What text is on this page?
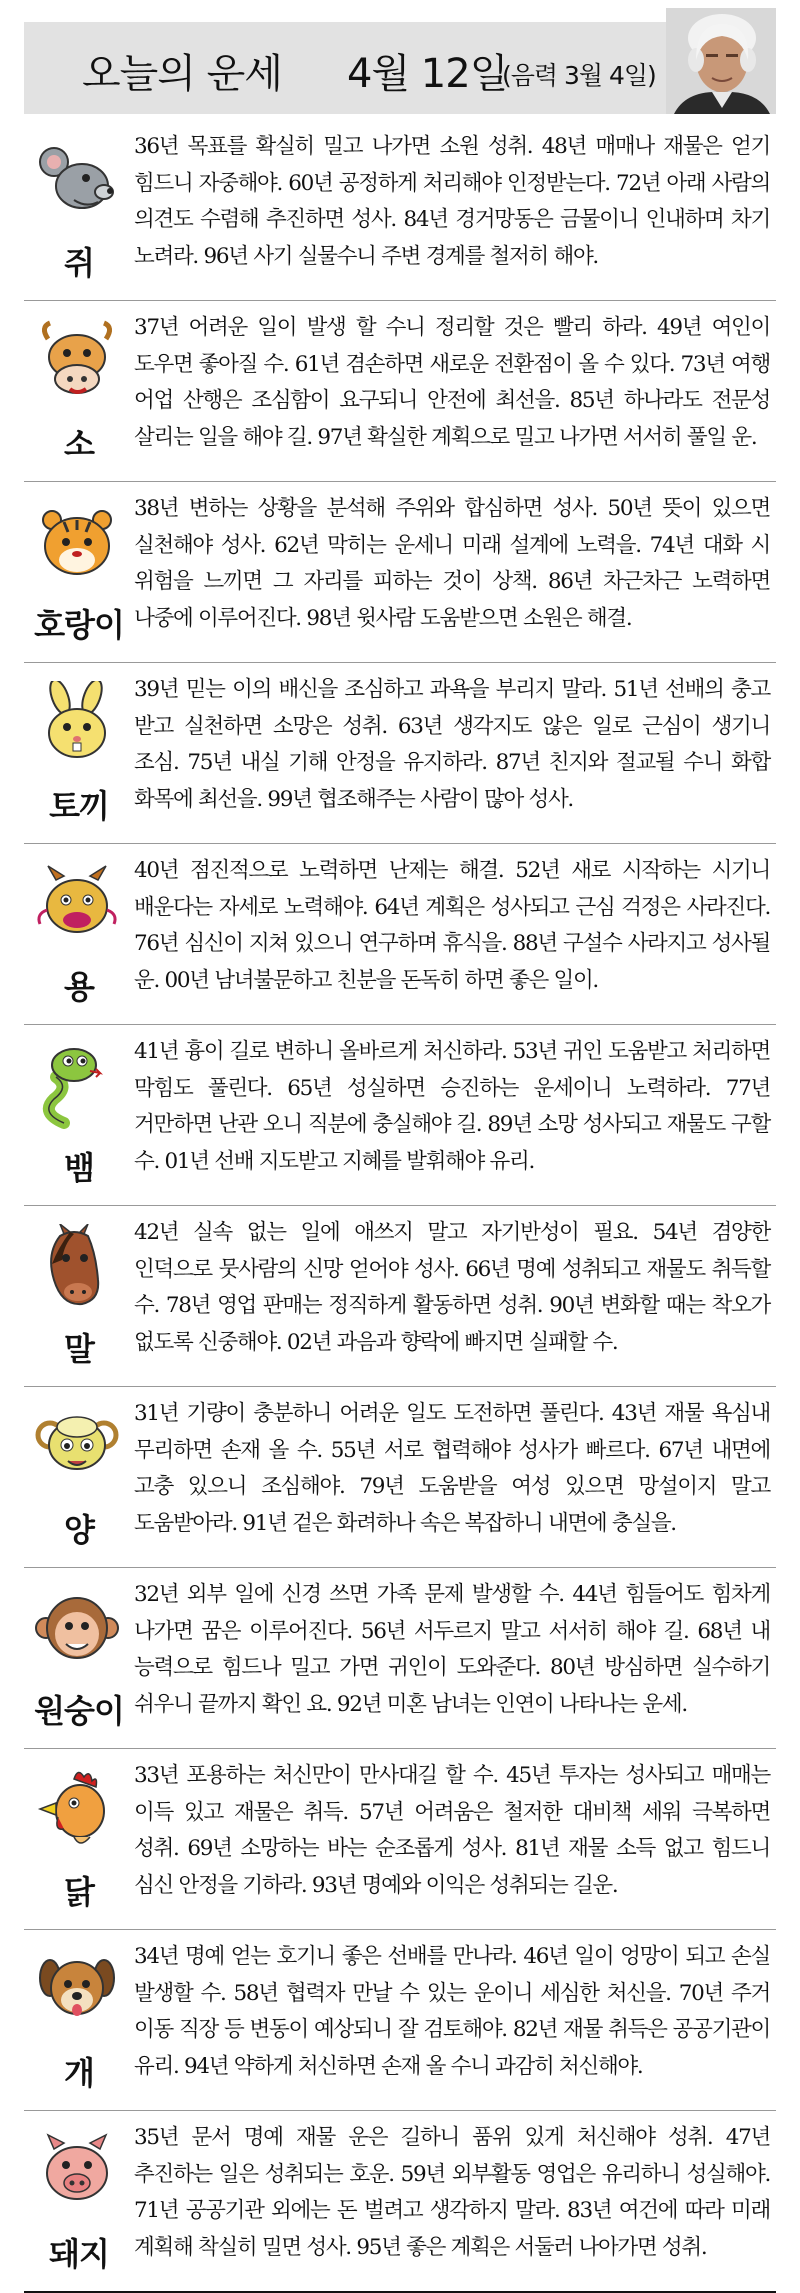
오늘의 운세 4월 12일
(음력 3월 4일)
쥐
36년 목표를 확실히 밀고 나가면 소원 성취. 48년 매매나 재물은 얻기 힘드니 자중해야. 60년 공정하게 처리해야 인정받는다. 72년 아래 사람의 의견도 수렴해 추진하면 성사. 84년 경거망동은 금물이니 인내하며 차기 노려라. 96년 사기 실물수니 주변 경계를 철저히 해야.
소
37년 어려운 일이 발생 할 수니 정리할 것은 빨리 하라. 49년 여인이 도우면 좋아질 수. 61년 겸손하면 새로운 전환점이 올 수 있다. 73년 여행 어업 산행은 조심함이 요구되니 안전에 최선을. 85년 하나라도 전문성 살리는 일을 해야 길. 97년 확실한 계획으로 밀고 나가면 서서히 풀일 운.
호랑이
38년 변하는 상황을 분석해 주위와 합심하면 성사. 50년 뜻이 있으면 실천해야 성사. 62년 막히는 운세니 미래 설계에 노력을. 74년 대화 시 위험을 느끼면 그 자리를 피하는 것이 상책. 86년 차근차근 노력하면 나중에 이루어진다. 98년 윗사람 도움받으면 소원은 해결.
토끼
39년 믿는 이의 배신을 조심하고 과욕을 부리지 말라. 51년 선배의 충고 받고 실천하면 소망은 성취. 63년 생각지도 않은 일로 근심이 생기니 조심. 75년 내실 기해 안정을 유지하라. 87년 친지와 절교될 수니 화합 화목에 최선을. 99년 협조해주는 사람이 많아 성사.
용
40년 점진적으로 노력하면 난제는 해결. 52년 새로 시작하는 시기니 배운다는 자세로 노력해야. 64년 계획은 성사되고 근심 걱정은 사라진다. 76년 심신이 지쳐 있으니 연구하며 휴식을. 88년 구설수 사라지고 성사될 운. 00년 남녀불문하고 친분을 돈독히 하면 좋은 일이.
뱀
41년 흉이 길로 변하니 올바르게 처신하라. 53년 귀인 도움받고 처리하면 막힘도 풀린다. 65년 성실하면 승진하는 운세이니 노력하라. 77년 거만하면 난관 오니 직분에 충실해야 길. 89년 소망 성사되고 재물도 구할 수. 01년 선배 지도받고 지혜를 발휘해야 유리.
말
42년 실속 없는 일에 애쓰지 말고 자기반성이 필요. 54년 겸양한 인덕으로 뭇사람의 신망 얻어야 성사. 66년 명예 성취되고 재물도 취득할 수. 78년 영업 판매는 정직하게 활동하면 성취. 90년 변화할 때는 착오가 없도록 신중해야. 02년 과음과 향락에 빠지면 실패할 수.
양
31년 기량이 충분하니 어려운 일도 도전하면 풀린다. 43년 재물 욕심내 무리하면 손재 올 수. 55년 서로 협력해야 성사가 빠르다. 67년 내면에 고충 있으니 조심해야. 79년 도움받을 여성 있으면 망설이지 말고 도움받아라. 91년 겉은 화려하나 속은 복잡하니 내면에 충실을.
원숭이
32년 외부 일에 신경 쓰면 가족 문제 발생할 수. 44년 힘들어도 힘차게 나가면 꿈은 이루어진다. 56년 서두르지 말고 서서히 해야 길. 68년 내 능력으로 힘드나 밀고 가면 귀인이 도와준다. 80년 방심하면 실수하기 쉬우니 끝까지 확인 요. 92년 미혼 남녀는 인연이 나타나는 운세.
닭
33년 포용하는 처신만이 만사대길 할 수. 45년 투자는 성사되고 매매는 이득 있고 재물은 취득. 57년 어려움은 철저한 대비책 세워 극복하면 성취. 69년 소망하는 바는 순조롭게 성사. 81년 재물 소득 없고 힘드니 심신 안정을 기하라. 93년 명예와 이익은 성취되는 길운.
개
34년 명예 얻는 호기니 좋은 선배를 만나라. 46년 일이 엉망이 되고 손실 발생할 수. 58년 협력자 만날 수 있는 운이니 세심한 처신을. 70년 주거 이동 직장 등 변동이 예상되니 잘 검토해야. 82년 재물 취득은 공공기관이 유리. 94년 약하게 처신하면 손재 올 수니 과감히 처신해야.
돼지
35년 문서 명예 재물 운은 길하니 품위 있게 처신해야 성취. 47년 추진하는 일은 성취되는 호운. 59년 외부활동 영업은 유리하니 성실해야. 71년 공공기관 외에는 돈 벌려고 생각하지 말라. 83년 여건에 따라 미래 계획해 착실히 밀면 성사. 95년 좋은 계획은 서둘러 나아가면 성취.
